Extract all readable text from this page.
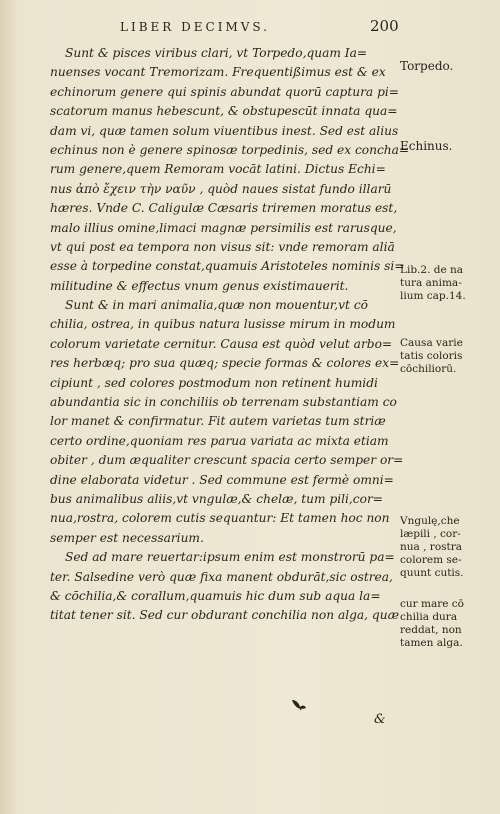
LIBER DECIMVS.	200
Sunt & pisces viribus clari, vt Torpedo,quam Ia=
nuenses vocant Tremorizam. Frequentißimus est & ex
echinorum genere qui spinis abundat quorū captura pi=
scatorum manus hebescunt, & obstupescūt innata qua=
dam vi, quæ tamen solum viuentibus inest. Sed est alius
echinus non è genere spinosæ torpedinis, sed ex concha=
rum genere,quem Remoram vocāt latini. Dictus Echi=
nus ἀπὸ ἔχειν τὴν ναῦν , quòd naues sistat fundo illarū
hæres. Vnde C. Caligulæ Cæsaris triremen moratus est,
malo illius omine,limaci magnæ persimilis est rarusque,
vt qui post ea tempora non visus sit: vnde remoram aliā
esse à torpedine constat,quamuis Aristoteles nominis si=
militudine & effectus vnum genus existimauerit.
Sunt & in mari animalia,quæ non mouentur,vt cō
chilia, ostrea, in quibus natura lusisse mirum in modum
colorum varietate cernitur. Causa est quòd velut arbo=
res herbæq; pro sua quæq; specie formas & colores ex=
cipiunt , sed colores postmodum non retinent humidi
abundantia sic in conchiliis ob terrenam substantiam co
lor manet & confirmatur. Fit autem varietas tum striæ
certo ordine,quoniam res parua variata ac mixta etiam
obiter , dum æqualiter crescunt spacia certo semper or=
dine elaborata videtur . Sed commune est fermè omni=
bus animalibus aliis,vt vngulæ,& chelæ, tum pili,cor=
nua,rostra, colorem cutis sequantur: Et tamen hoc non
semper est necessarium.
Sed ad mare reuertar:ipsum enim est monstrorū pa=
ter. Salsedine verò quæ fixa manent obdurāt,sic ostrea,
& cōchilia,& corallum,quamuis hic dum sub aqua la=
titat tener sit. Sed cur obdurant conchilia non alga, quæ
Torpedo.
Echinus.
Lib.2. de na
tura anima-
lium cap.14.
Causa varie
tatis coloris
cōchiliorū.
Vngulę,che
læpili , cor-
nua , rostra
colorem se-
quunt cutis.
cur mare cō
chilia dura
reddat, non
tamen alga.
&
